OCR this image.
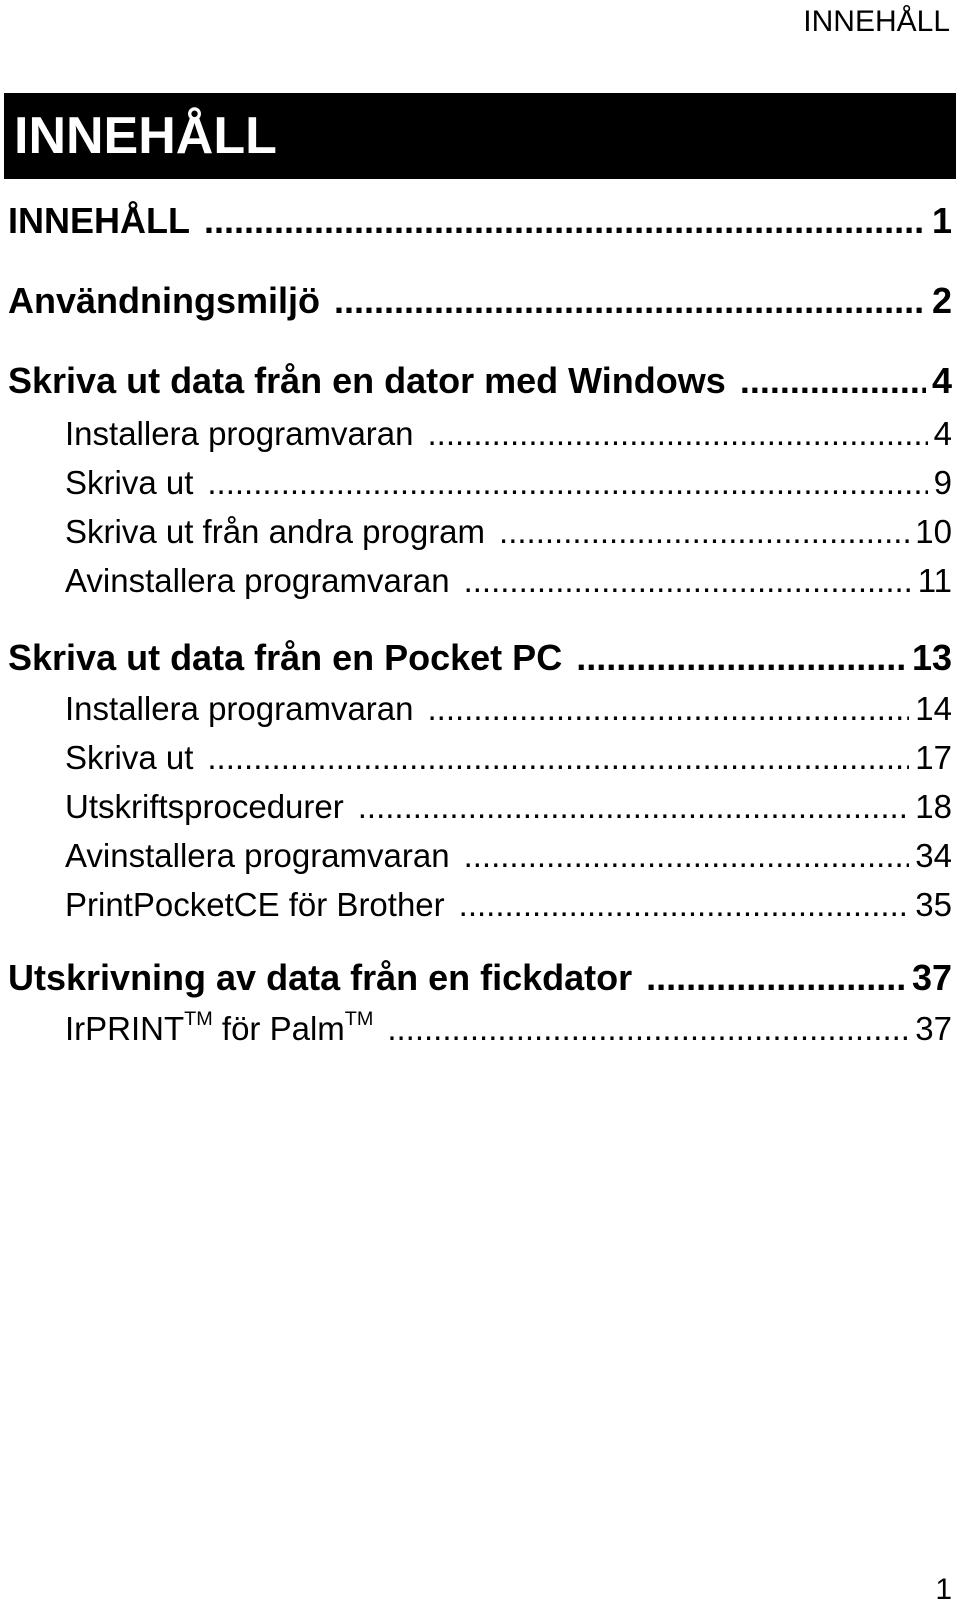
INNEHÅLL
INNEHÅLL
INNEHÅLL .....	1
Användningsmiljö .....	2
Skriva ut data från en dator med Windows .....	4
Installera programvaran .....	4
Skriva ut .....	9
Skriva ut från andra program .....	10
Avinstallera programvaran .....	11
Skriva ut data från en Pocket PC .....	13
Installera programvaran .....	14
Skriva ut .....	17
Utskriftsprocedurer .....	18
Avinstallera programvaran .....	34
PrintPocketCE för Brother .....	35
Utskrivning av data från en fickdator .....	37
IrPRINT™ för Palm™ .....	37
1
